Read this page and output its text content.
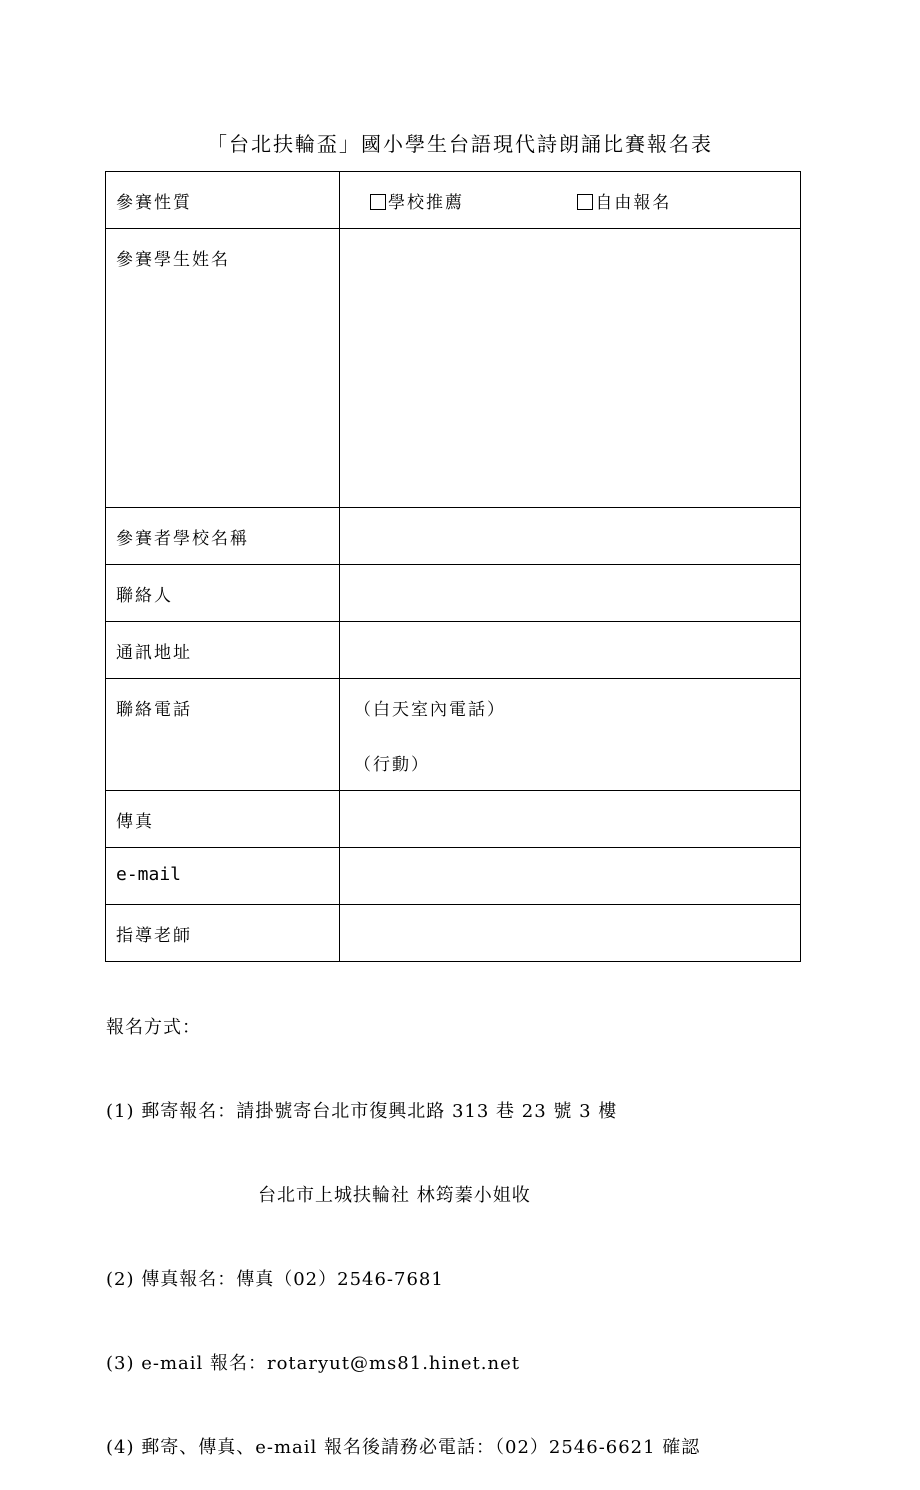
「台北扶輪盃」國小學生台語現代詩朗誦比賽報名表
參賽性質	學校推薦 自由報名

參賽學生姓名	

參賽者學校名稱	

聯絡人	

通訊地址	

聯絡電話	（白天室內電話）
（行動）

傳真	

e-mail	

指導老師	

報名方式：

(1) 郵寄報名：請掛號寄台北市復興北路 313 巷 23 號 3 樓

台北市上城扶輪社 林筠蓁小姐收

(2) 傳真報名：傳真（02）2546-7681

(3) e-mail 報名：rotaryut@ms81.hinet.net

(4) 郵寄、傳真、e-mail 報名後請務必電話：（02）2546-6621 確認
